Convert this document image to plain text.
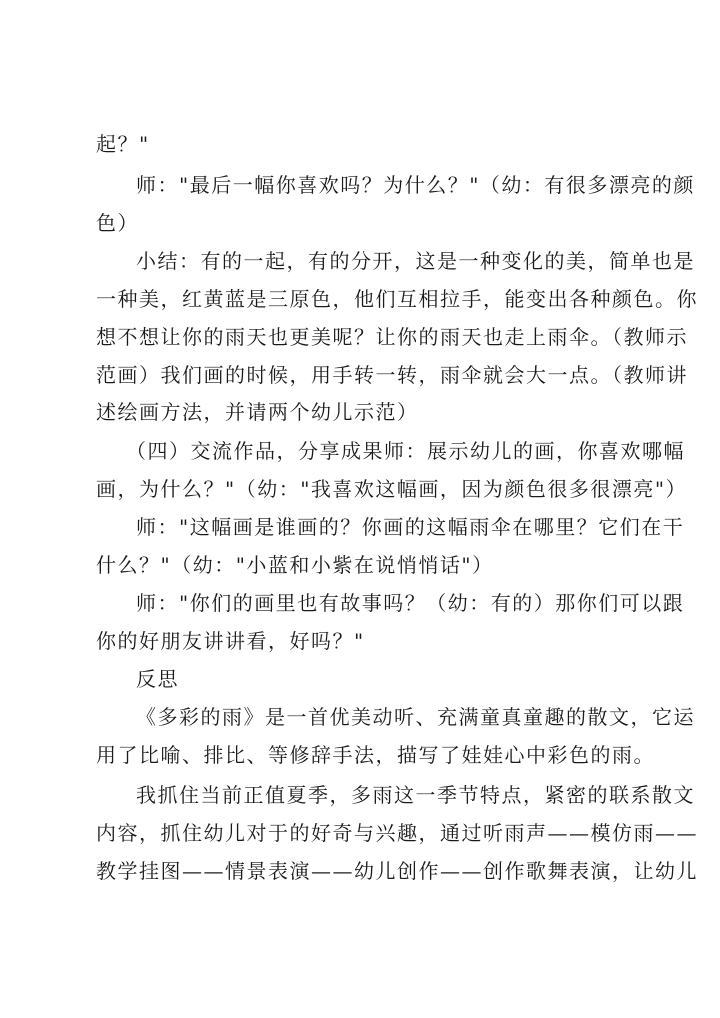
起？"
师："最后一幅你喜欢吗？为什么？"（幼：有很多漂亮的颜
色）
小结：有的一起，有的分开，这是一种变化的美，简单也是
一种美，红黄蓝是三原色，他们互相拉手，能变出各种颜色。你
想不想让你的雨天也更美呢？让你的雨天也走上雨伞。（教师示
范画）我们画的时候，用手转一转，雨伞就会大一点。（教师讲
述绘画方法，并请两个幼儿示范）
（四）交流作品，分享成果师：展示幼儿的画，你喜欢哪幅
画，为什么？"（幼："我喜欢这幅画，因为颜色很多很漂亮"）
师："这幅画是谁画的？你画的这幅雨伞在哪里？它们在干
什么？"（幼："小蓝和小紫在说悄悄话"）
师："你们的画里也有故事吗？（幼：有的）那你们可以跟
你的好朋友讲讲看，好吗？"
反思
《多彩的雨》是一首优美动听、充满童真童趣的散文，它运
用了比喻、排比、等修辞手法，描写了娃娃心中彩色的雨。
我抓住当前正值夏季，多雨这一季节特点，紧密的联系散文
内容，抓住幼儿对于的好奇与兴趣，通过听雨声——模仿雨——
教学挂图——情景表演——幼儿创作——创作歌舞表演，让幼儿
